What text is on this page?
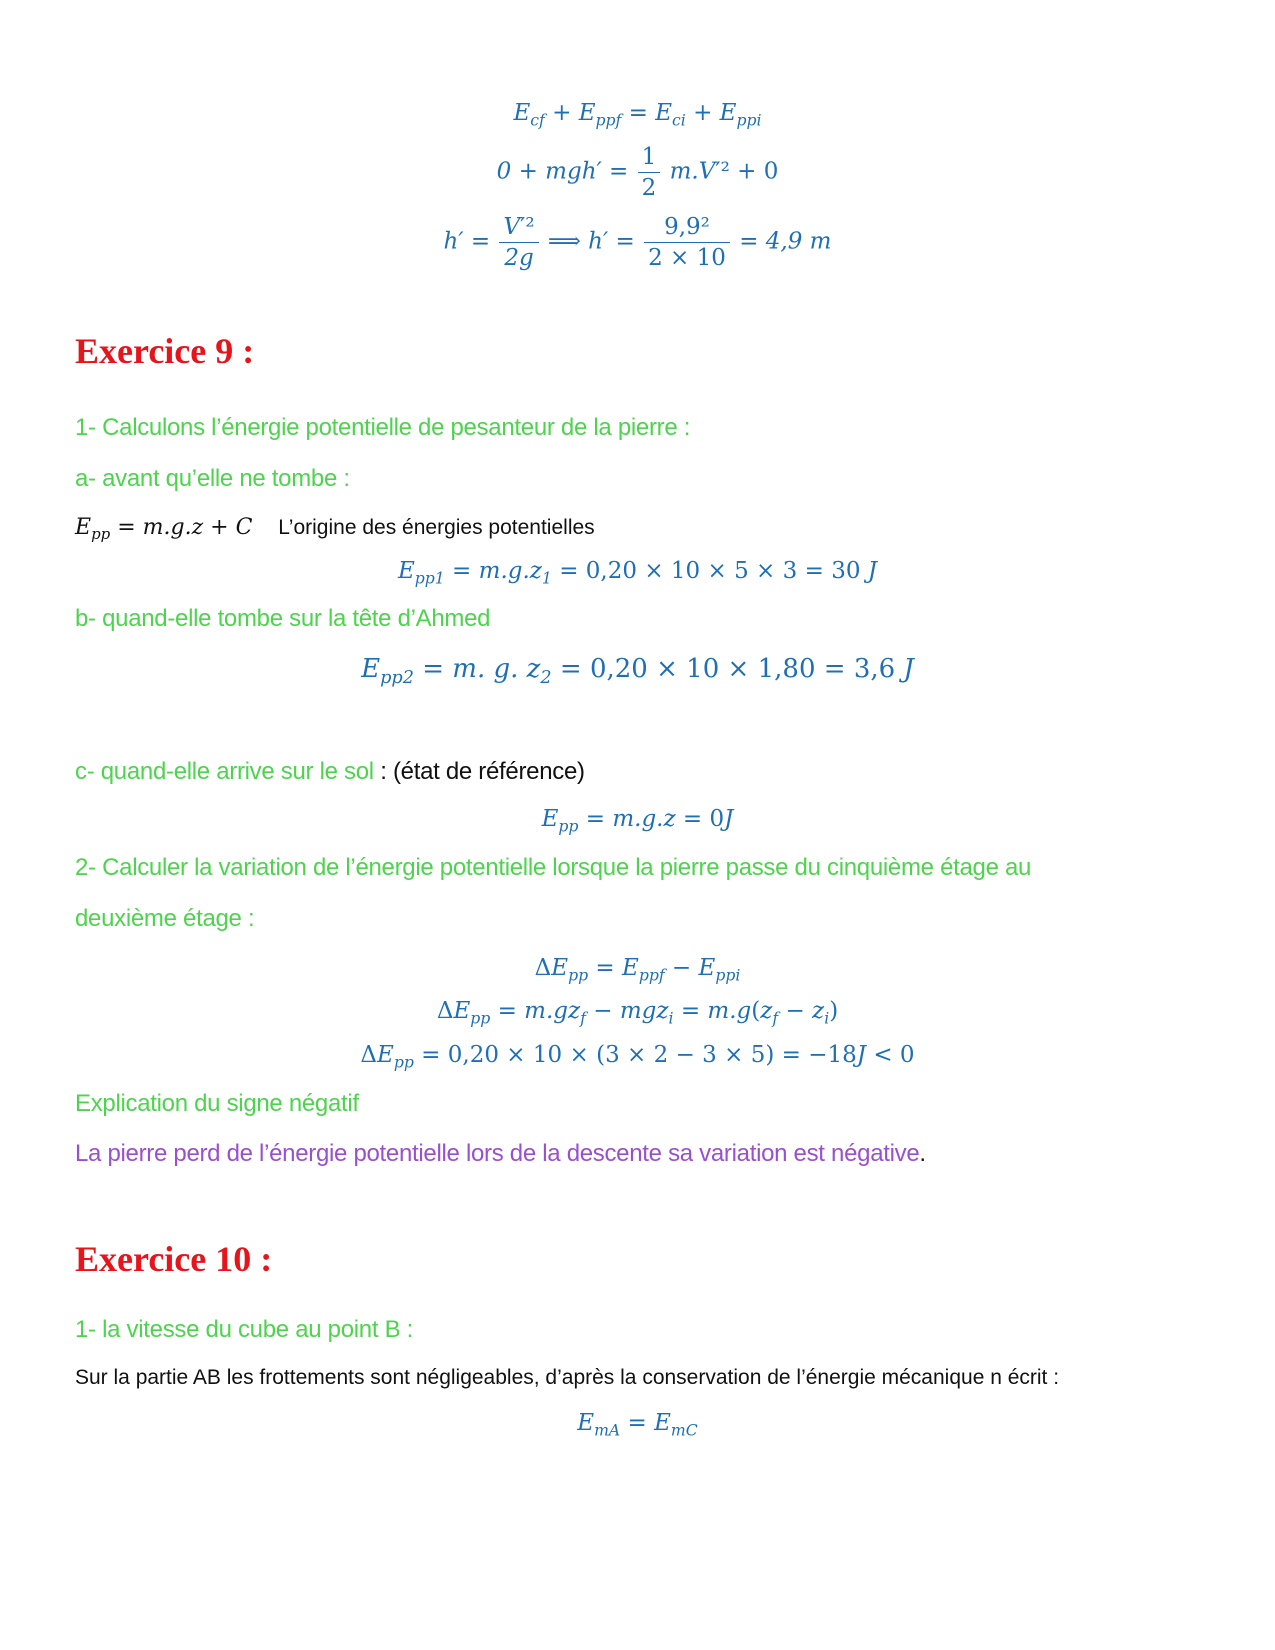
$E_{cf} + E_{ppf} = E_{ci} + E_{ppi}$
$0 + mgh' = \frac{1}{2} m.V'^2 + 0$
$h' = \frac{\text{V′²}}{2g}$ ⟹ $h' = \frac{\text{9,9²}}{2 \times 10} = 4,9$ m
Exercice 9 :
1- Calculons l’énergie potentielle de pesanteur de la pierre :
a- avant qu’elle ne tombe :
$E_{pp} = m.g.z + C$ L’origine des énergies potentielles
$E_{pp1} = m.g.z_1 = 0,20 \times 10 \times 5 \times 3 = 30$ J
b- quand-elle tombe sur la tête d’Ahmed
$E_{pp2} = m$. g. $z_2 = 0,20 \times 10 \times 1,80 = 3,6$ J
c- quand-elle arrive sur le sol : (état de référence)
$E_{pp} = m.g.z = 0J$
2- Calculer la variation de l’énergie potentielle lorsque la pierre passe du cinquième étage au
deuxième étage :
$\Delta E_{pp} = E_{ppf} - E_{ppi}$
$\Delta E_{pp} = m.gz_f - mgz_i = m.g(z_f - z_i)$
$\Delta E_{pp} = 0,20 \times 10 \times (3 \times 2 - 3 \times 5) = -18J < 0$
Explication du signe négatif
La pierre perd de l’énergie potentielle lors de la descente sa variation est négative.
Exercice 10 :
1- la vitesse du cube au point B :
Sur la partie AB les frottements sont négligeables, d’après la conservation de l’énergie mécanique n écrit :
$E_{mA} = E_{mC}$
